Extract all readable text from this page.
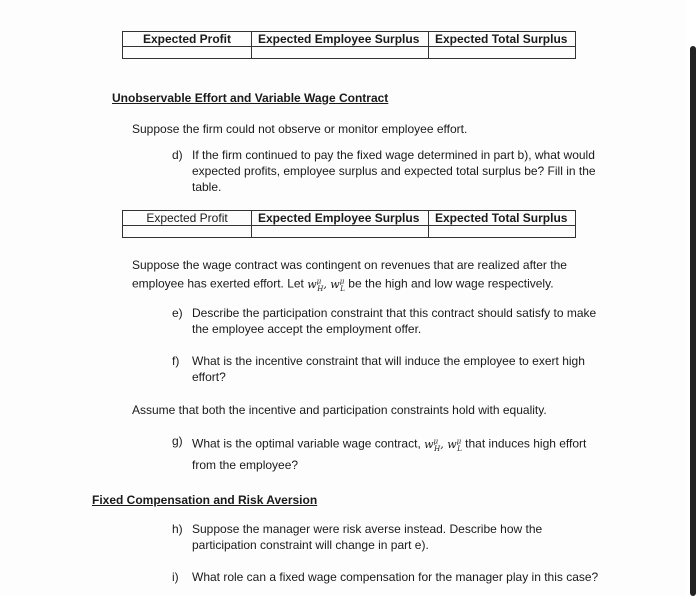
Expected Profit	Expected Employee Surplus	Expected Total Surplus

Unobservable Effort and Variable Wage Contract
Suppose the firm could not observe or monitor employee effort.
d) If the firm continued to pay the fixed wage determined in part b), what would
expected profits, employee surplus and expected total surplus be? Fill in the
table.
Expected Profit	Expected Employee Surplus	Expected Total Surplus

Suppose the wage contract was contingent on revenues that are realized after the
employee has exerted effort. Let $w^\mu_H$, $w^\mu_L$ be the high and low wage respectively.
e) Describe the participation constraint that this contract should satisfy to make
the employee accept the employment offer.
f) What is the incentive constraint that will induce the employee to exert high
effort?
Assume that both the incentive and participation constraints hold with equality.
g) What is the optimal variable wage contract, $w^\mu_H$, $w^\mu_L$ that induces high effort
from the employee?
Fixed Compensation and Risk Aversion
h) Suppose the manager were risk averse instead. Describe how the
participation constraint will change in part e).
i) What role can a fixed wage compensation for the manager play in this case?
